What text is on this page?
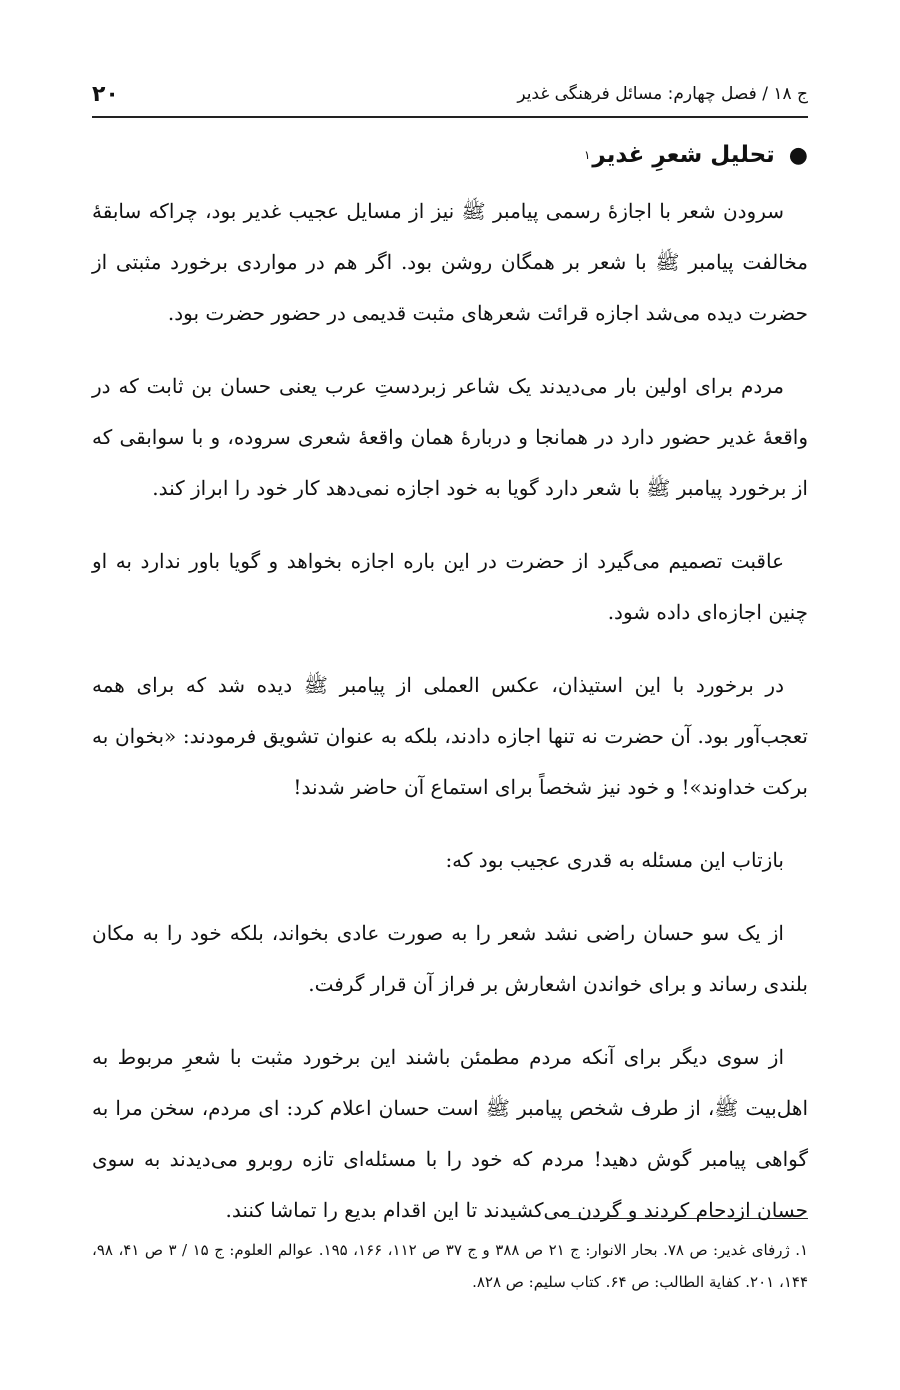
ج ۱۸ / فصل چهارم: مسائل فرهنگی غدیر
۲۰
●
تحلیل شعرِ غدیر
۱

سرودن شعر با اجازهٔ رسمی پیامبر ﷺ نیز از مسایل عجیب غدیر بود، چراکه سابقهٔ مخالفت پیامبر ﷺ با شعر بر همگان روشن بود. اگر هم در مواردی برخورد مثبتی از حضرت دیده می‌شد اجازه قرائت شعرهای مثبت قدیمی در حضور حضرت بود.

مردم برای اولین بار می‌دیدند یک شاعر زبردستِ عرب یعنی حسان بن ثابت که در واقعهٔ غدیر حضور دارد در همانجا و دربارهٔ همان واقعهٔ شعری سروده، و با سوابقی که از برخورد پیامبر ﷺ با شعر دارد گویا به خود اجازه نمی‌دهد کار خود را ابراز کند.

عاقبت تصمیم می‌گیرد از حضرت در این باره اجازه بخواهد و گویا باور ندارد به او چنین اجازه‌ای داده شود.

در برخورد با این استیذان، عکس العملی از پیامبر ﷺ دیده شد که برای همه تعجب‌آور بود. آن حضرت نه تنها اجازه دادند، بلکه به عنوان تشویق فرمودند: «بخوان به برکت خداوند»! و خود نیز شخصاً برای استماع آن حاضر شدند!

بازتاب این مسئله به قدری عجیب بود که:

از یک سو حسان راضی نشد شعر را به صورت عادی بخواند، بلکه خود را به مکان بلندی رساند و برای خواندن اشعارش بر فراز آن قرار گرفت.

از سوی دیگر برای آنکه مردم مطمئن باشند این برخورد مثبت با شعرِ مربوط به اهل‌بیت ﷺ، از طرف شخص پیامبر ﷺ است حسان اعلام کرد: ای مردم، سخن مرا به گواهی پیامبر گوش دهید! مردم که خود را با مسئله‌ای تازه روبرو می‌دیدند به سوی حسان ازدحام کردند و گردن می‌کشیدند تا این اقدام بدیع را تماشا کنند.

۱. ژرفای غدیر: ص ۷۸. بحار الانوار: ج ۲۱ ص ۳۸۸ و ج ۳۷ ص ۱۱۲، ۱۶۶، ۱۹۵. عوالم العلوم: ج ۱۵ / ۳ ص ۴۱، ۹۸، ۱۴۴، ۲۰۱. کفایة الطالب: ص ۶۴. کتاب سلیم: ص ۸۲۸.
